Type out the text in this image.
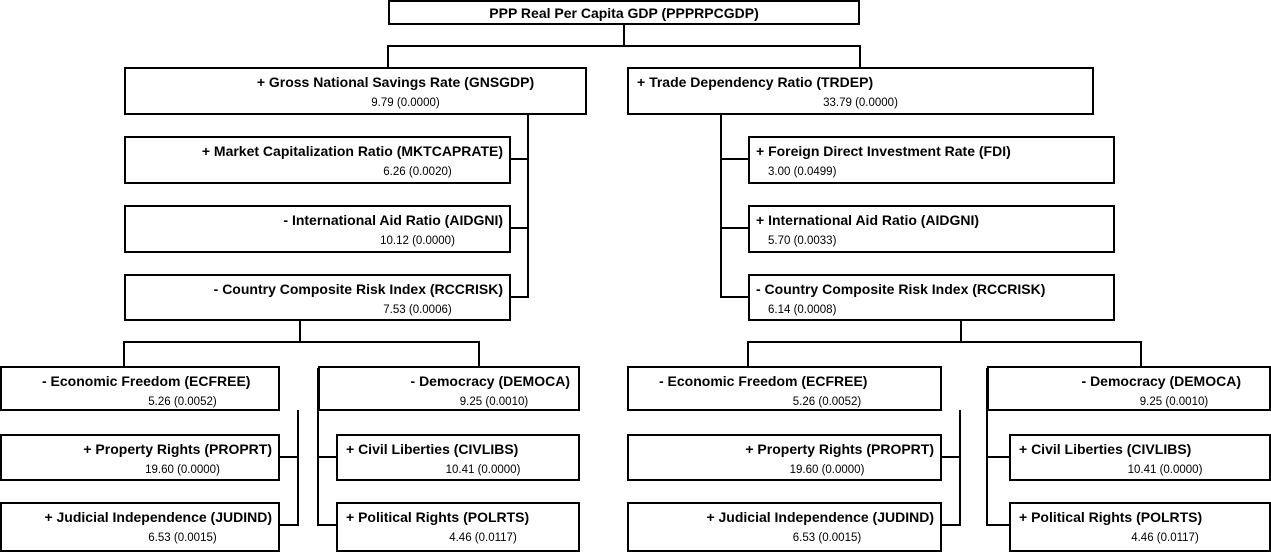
PPP Real Per Capita GDP (PPPRPCGDP)
+ Gross National Savings Rate (GNSGDP)
9.79 (0.0000)
+ Trade Dependency Ratio (TRDEP)
33.79 (0.0000)
+ Market Capitalization Ratio (MKTCAPRATE)
6.26 (0.0020)
- International Aid Ratio (AIDGNI)
10.12 (0.0000)
- Country Composite Risk Index (RCCRISK)
7.53 (0.0006)
+ Foreign Direct Investment Rate (FDI)
3.00 (0.0499)
+ International Aid Ratio (AIDGNI)
5.70 (0.0033)
- Country Composite Risk Index (RCCRISK)
6.14 (0.0008)
- Economic Freedom (ECFREE)
5.26 (0.0052)
+ Property Rights (PROPRT)
19.60 (0.0000)
+ Judicial Independence (JUDIND)
6.53 (0.0015)
- Democracy (DEMOCA)
9.25 (0.0010)
+ Civil Liberties (CIVLIBS)
10.41 (0.0000)
+ Political Rights (POLRTS)
4.46 (0.0117)
- Economic Freedom (ECFREE)
5.26 (0.0052)
+ Property Rights (PROPRT)
19.60 (0.0000)
+ Judicial Independence (JUDIND)
6.53 (0.0015)
- Democracy (DEMOCA)
9.25 (0.0010)
+ Civil Liberties (CIVLIBS)
10.41 (0.0000)
+ Political Rights (POLRTS)
4.46 (0.0117)
